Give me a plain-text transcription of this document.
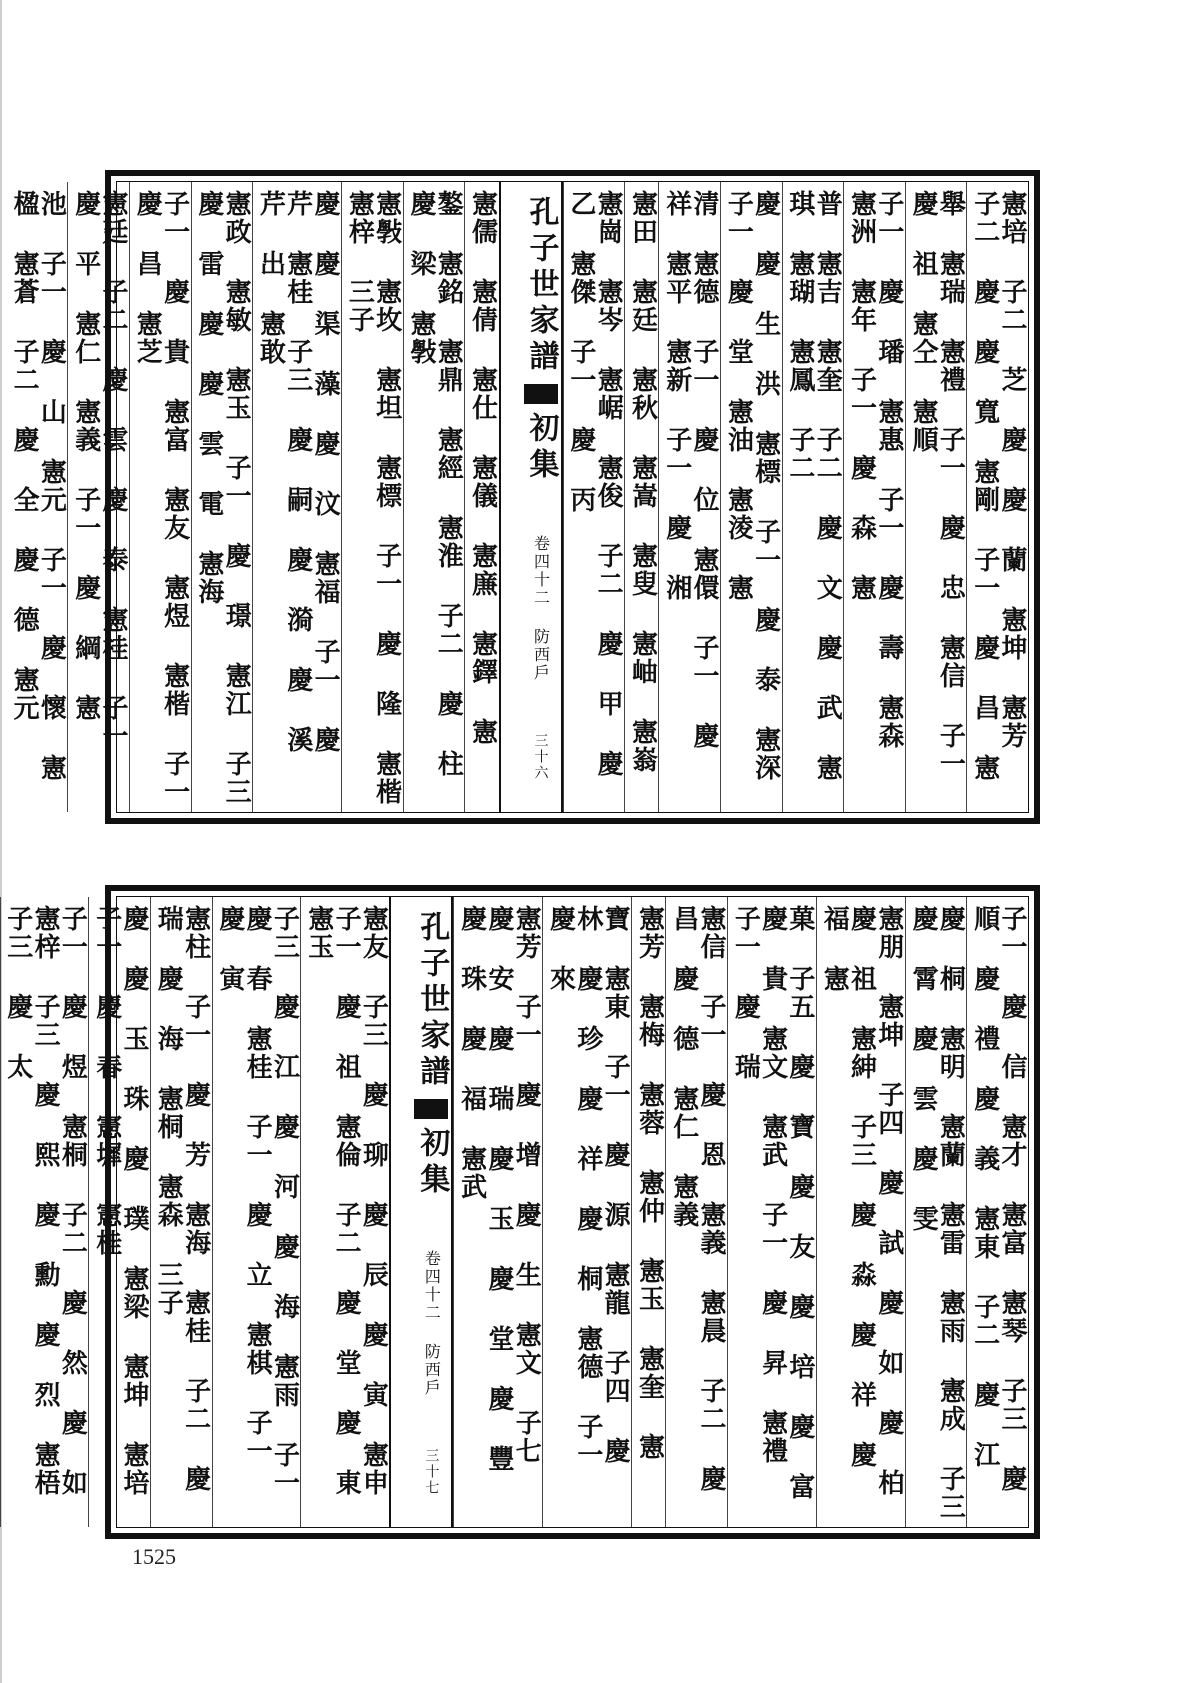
憲培 子二 芝 慶 慶 蘭 憲坤 憲芳 子二 慶 慶 寬 憲剛 子一 慶 昌 憲
舉 憲瑞 憲禮 子一 慶 忠 憲信 子一 慶 祖 憲仝 憲順
子一 慶 璠 憲惠 子一 慶 壽 憲森 憲洲 憲年 子一 慶 森 憲
普 憲吉 憲奎 子二 慶 文 慶 武 憲琪 憲瑚 憲鳳 子二
慶 慶 生 洪 憲標 子一 慶 泰 憲深 子一 慶 堂 憲油 憲淩 憲
清 憲德 子一 慶 位 憲儇 子一 慶 祥 憲平 憲新 子一 慶 湘
憲田 憲廷 憲秋 憲嵩 憲叟 憲岫 憲嵡
憲崗 憲岑 憲崌 憲俊 子二 慶 甲 慶 乙 憲傑 子一 慶 丙
孔子世家譜初集 卷四十二 防西戶 三十六
憲儒 憲倩 憲仕 憲儀 憲㢘 憲鐸 憲
鏊 憲銘 憲鼎 憲經 憲淮 子二 慶 柱 慶 梁 憲斅
憲斅 憲坆 憲坦 憲標 子一 慶 隆 憲楷 憲梓 三子
慶 慶 渠 藻 慶 汶 憲福 子一 慶 芹 憲桂 子三 慶 嗣 慶 漪 慶 溪 芹 出 憲敢
憲政 憲敏 憲玉 子一 慶 璟 憲江 子三 慶 雷 慶 慶 雲 電 憲海
子一 慶 貴 憲富 憲友 憲煜 憲楷 子一 慶 昌 憲芝
憲廷 子二 慶 雲 慶 泰 憲桂 子一 慶 平 憲仁 憲義 子一 慶 綱 憲
池 子一 慶 山 憲元 子一 慶 懷 憲楹 憲蒼 子二 慶 全 慶 德 憲元
子一 慶 信 憲才 憲富 憲琴 子三 慶 順 慶 禮 慶 義 憲東 子二 慶 江
慶 桐 憲明 憲蘭 憲雷 憲雨 憲成 子三 慶 霄 慶 雲 慶 雯
憲朋 憲坤 子四 慶 試 慶 如 慶 柏 慶 祖 憲紳 子三 慶 淼 慶 祥 慶 福 憲
菓 子五 慶 寶 慶 友 慶 培 慶 富 慶 貴 憲文 憲武 子一 慶 昇 憲禮 子一 慶 瑞
憲信 子一 慶 恩 憲義 憲晨 子二 慶 昌 慶 德 憲仁 憲義
憲芳 憲梅 憲蓉 憲仲 憲玉 憲奎 憲
寶 憲東 子一 慶 源 憲龍 子四 慶 林 慶 珍 慶 祥 慶 桐 憲德 子一 慶 來
憲芳 子一 慶 增 慶 生 憲文 子七 慶 安 慶 瑞 慶 玉 慶 堂 慶 豐 慶 珠 慶 福 憲武
孔子世家譜初集 卷四十二 防西戶 三十七
憲友 子三 慶 珋 慶 辰 慶 寅 憲申 子一 慶 祖 憲倫 子二 慶 堂 慶 東 憲玉
子三 慶 江 慶 河 慶 海 憲雨 子一 慶 春 憲桂 子一 慶 立 憲棋 子一 慶 寅
憲柱 子一 慶 芳 憲海 憲桂 子二 慶 瑞 慶 海 憲桐 憲森 三子
慶 慶 玉 珠 慶 璞 憲梁 憲坤 憲培 子一 慶 春 憲墀 憲桂
子一 慶 煜 憲桐 子二 慶 然 慶 如 憲梓 子三 慶 熙 慶 勳 慶 烈 憲梧 子三 慶 太
1525
